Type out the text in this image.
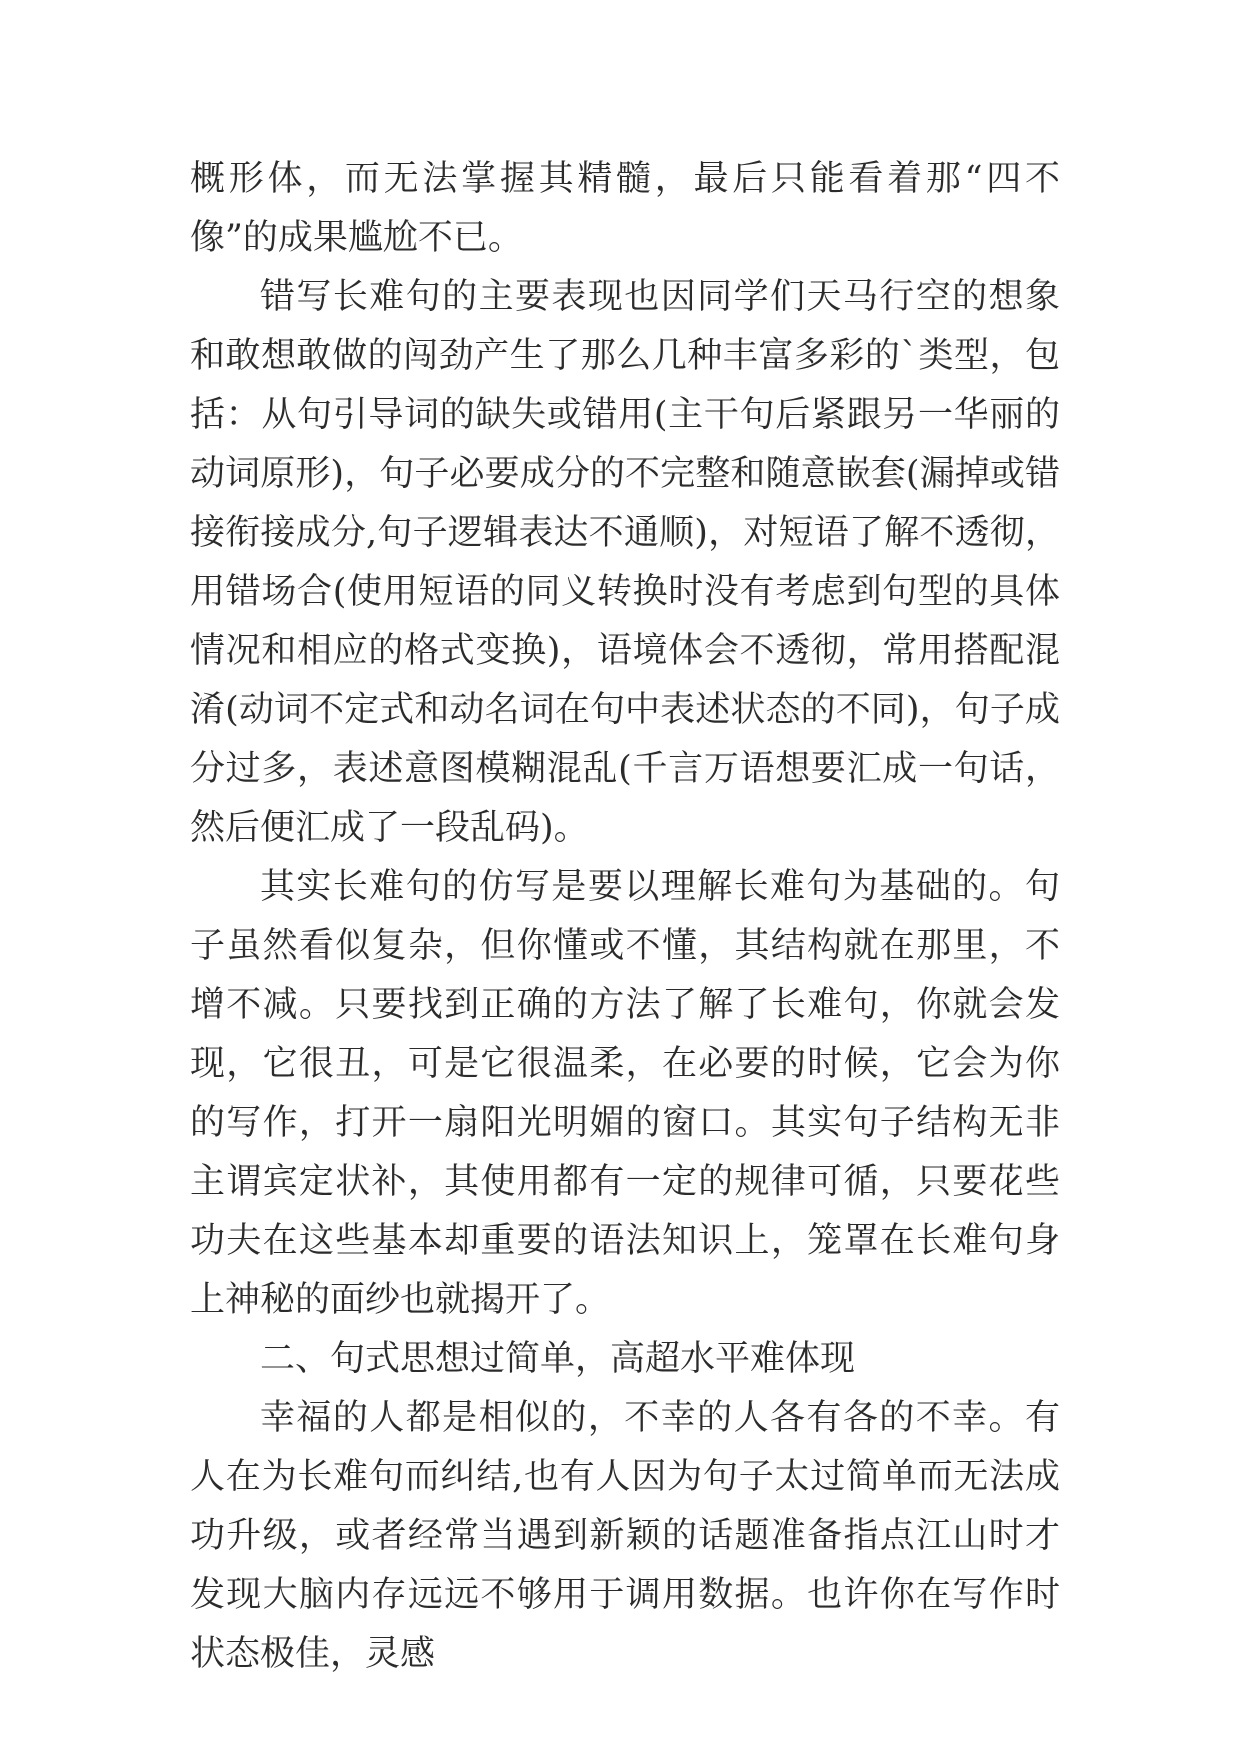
概形体，而无法掌握其精髓，最后只能看着那“四不像”的成果尴尬不已。

错写长难句的主要表现也因同学们天马行空的想象和敢想敢做的闯劲产生了那么几种丰富多彩的`类型，包括：从句引导词的缺失或错用(主干句后紧跟另一华丽的动词原形)，句子必要成分的不完整和随意嵌套(漏掉或错接衔接成分,句子逻辑表达不通顺)，对短语了解不透彻，用错场合(使用短语的同义转换时没有考虑到句型的具体情况和相应的格式变换)，语境体会不透彻，常用搭配混淆(动词不定式和动名词在句中表述状态的不同)，句子成分过多，表述意图模糊混乱(千言万语想要汇成一句话，然后便汇成了一段乱码)。

其实长难句的仿写是要以理解长难句为基础的。句子虽然看似复杂，但你懂或不懂，其结构就在那里，不增不减。只要找到正确的方法了解了长难句，你就会发现，它很丑，可是它很温柔，在必要的时候，它会为你的写作，打开一扇阳光明媚的窗口。其实句子结构无非主谓宾定状补，其使用都有一定的规律可循，只要花些功夫在这些基本却重要的语法知识上，笼罩在长难句身上神秘的面纱也就揭开了。

二、句式思想过简单，高超水平难体现

幸福的人都是相似的，不幸的人各有各的不幸。有人在为长难句而纠结,也有人因为句子太过简单而无法成功升级，或者经常当遇到新颖的话题准备指点江山时才发现大脑内存远远不够用于调用数据。也许你在写作时状态极佳，灵感
